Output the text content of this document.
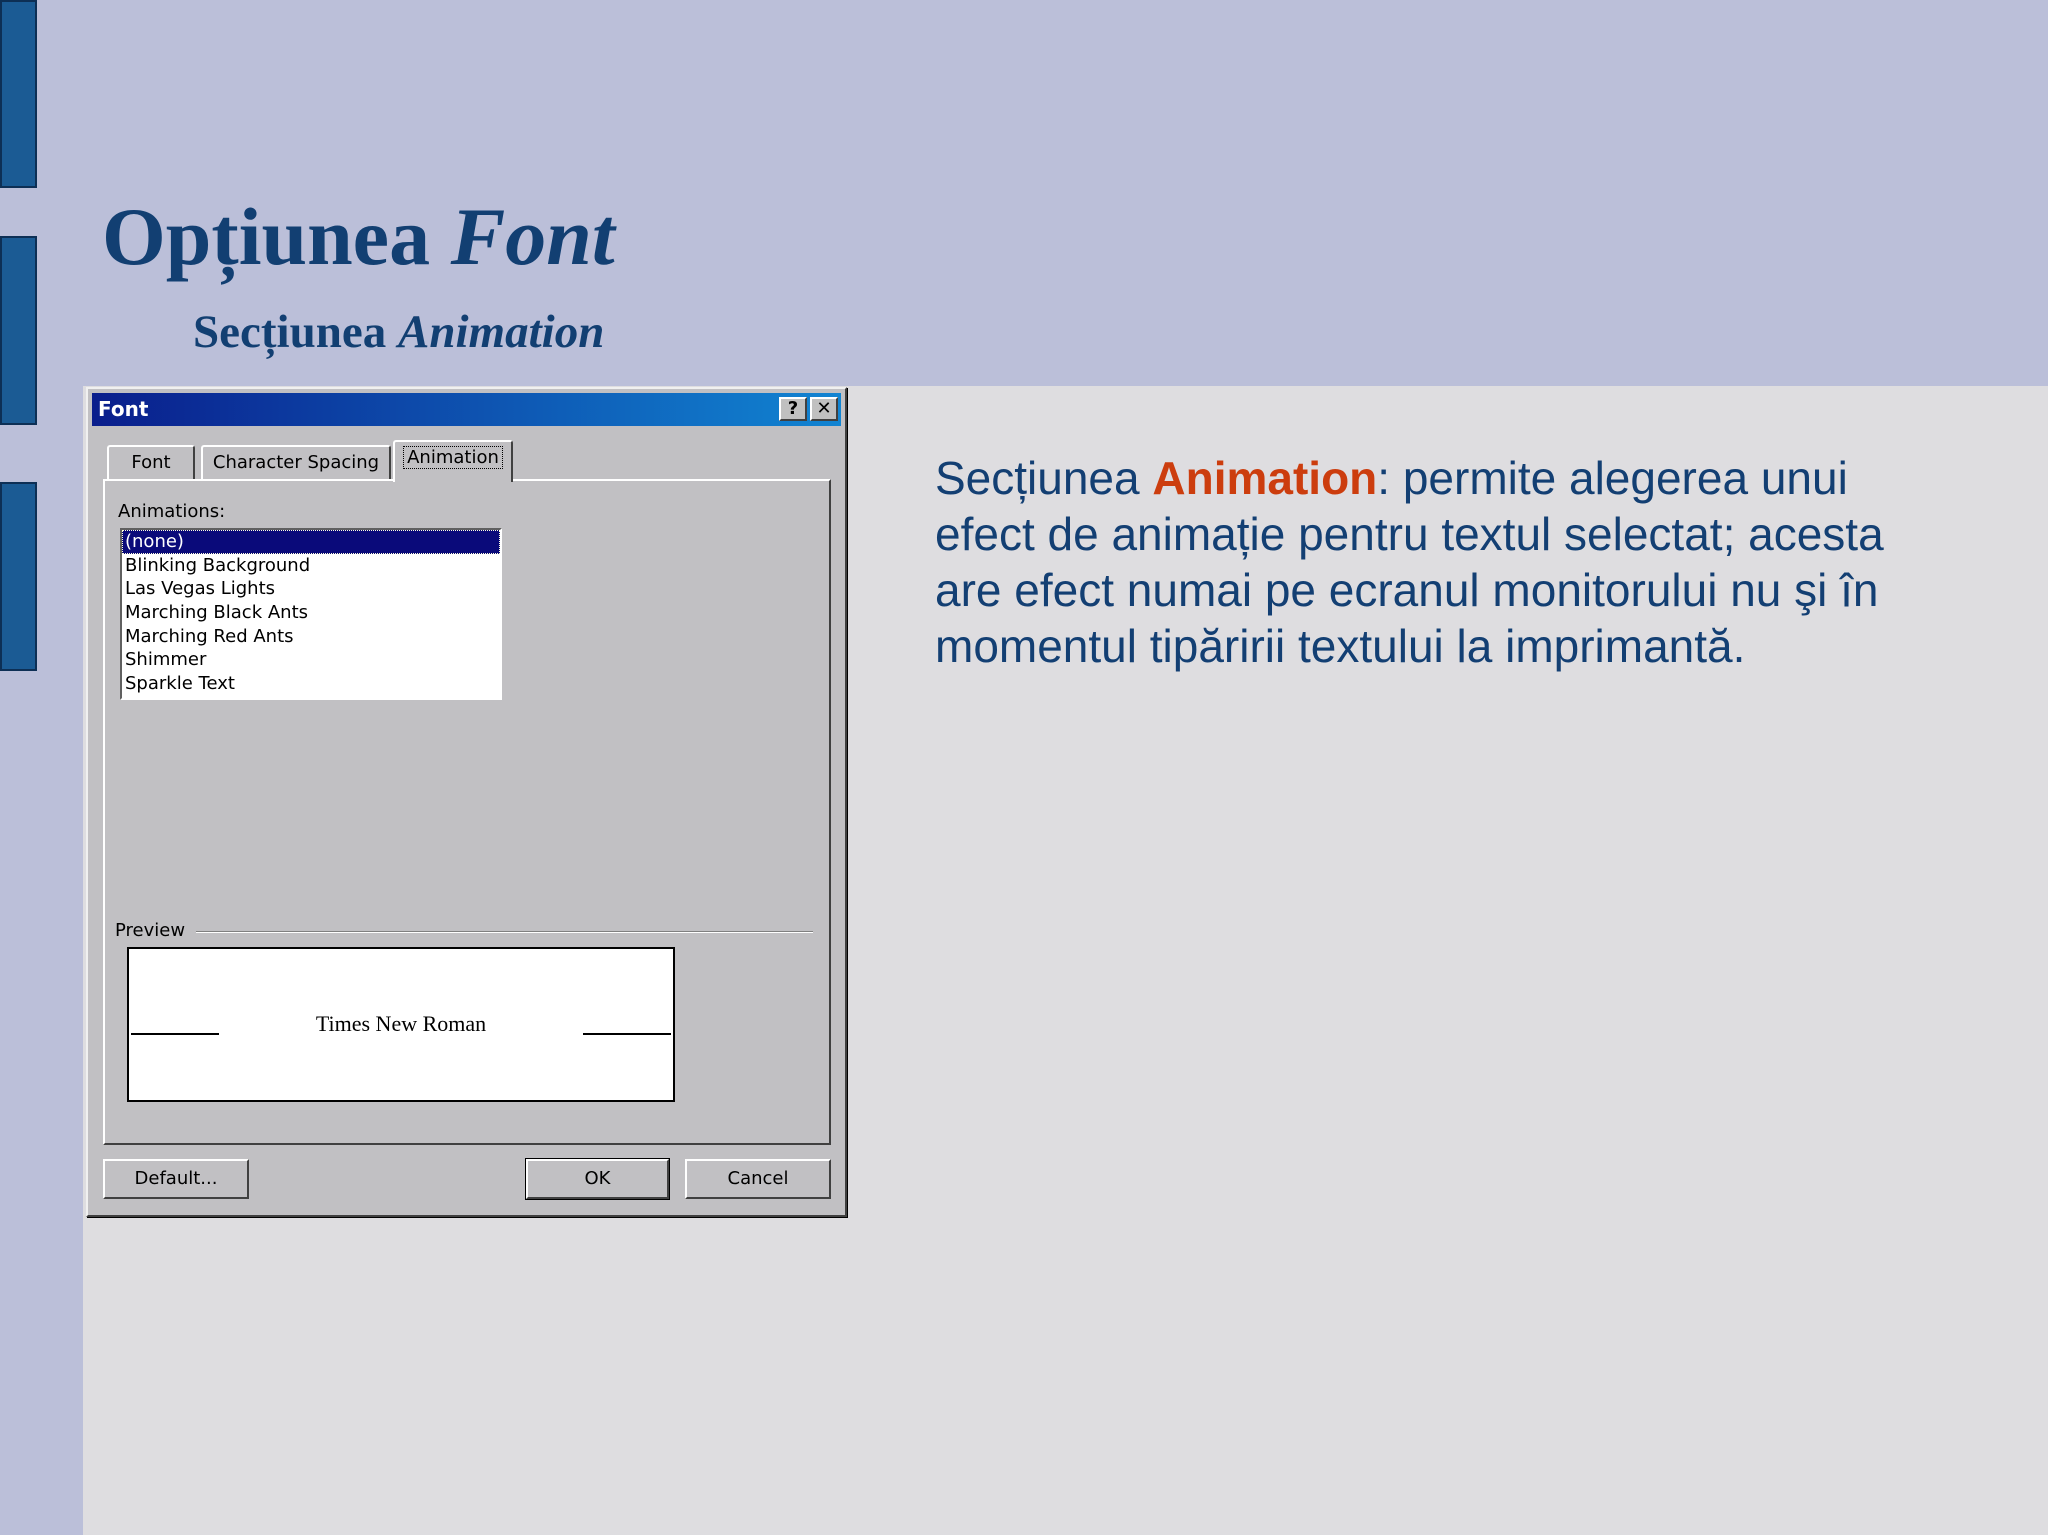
Opțiunea Font
Secțiunea Animation

Secțiunea Animation: permite alegerea unui efect de animație pentru textul selectat; acesta are efect numai pe ecranul monitorului nu şi în momentul tipăririi textului la imprimantă.

Font	?	✕
Font	Character Spacing	Animation
Animations:
(none)
Blinking Background
Las Vegas Lights
Marching Black Ants
Marching Red Ants
Shimmer
Sparkle Text
Preview
Times New Roman
Default...	OK	Cancel
